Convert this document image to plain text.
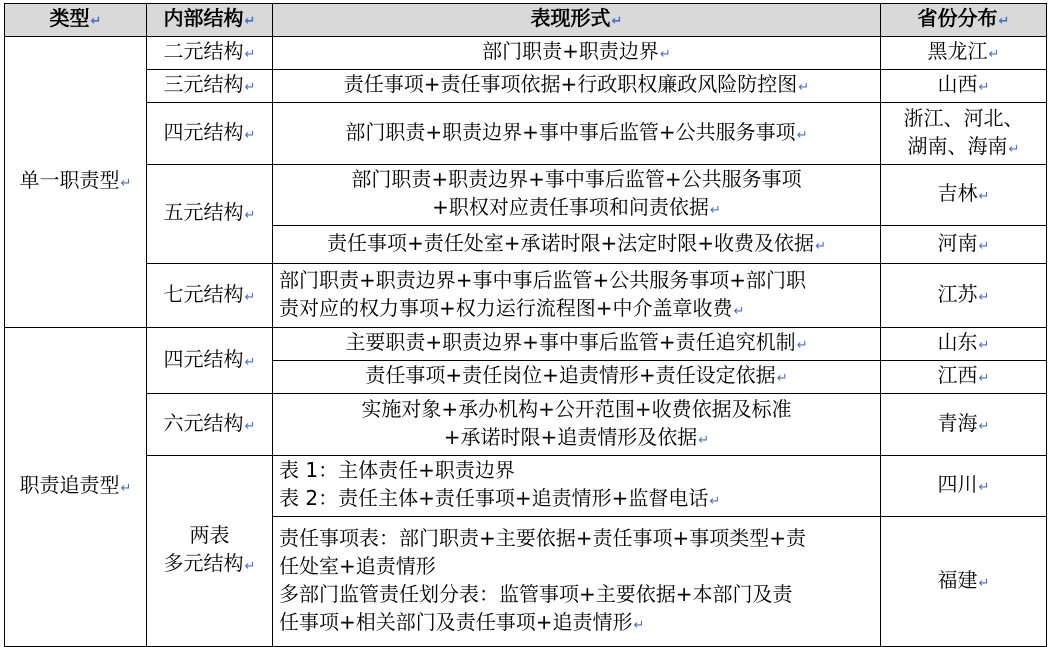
类型↵	内部结构↵	表现形式↵	省份分布↵

单一职责型↵	二元结构↵	部门职责+职责边界↵	黑龙江↵

	三元结构↵	责任事项+责任事项依据+行政职权廉政风险防控图↵	山西↵

	四元结构↵	部门职责+职责边界+事中事后监管+公共服务事项↵	浙江、河北、
湖南、海南↵

	五元结构↵	部门职责+职责边界+事中事后监管+公共服务事项
+职权对应责任事项和问责依据↵	吉林↵

		责任事项+责任处室+承诺时限+法定时限+收费及依据↵	河南↵

	七元结构↵	部门职责+职责边界+事中事后监管+公共服务事项+部门职
责对应的权力事项+权力运行流程图+中介盖章收费↵	江苏↵

职责追责型↵	四元结构↵	主要职责+职责边界+事中事后监管+责任追究机制↵	山东↵

		责任事项+责任岗位+追责情形+责任设定依据↵	江西↵

	六元结构↵	实施对象+承办机构+公开范围+收费依据及标准
+承诺时限+追责情形及依据↵	青海↵

	两表
多元结构↵	表 1：主体责任+职责边界
表 2：责任主体+责任事项+追责情形+监督电话↵	四川↵

		责任事项表：部门职责+主要依据+责任事项+事项类型+责
任处室+追责情形
多部门监管责任划分表：监管事项+主要依据+本部门及责
任事项+相关部门及责任事项+追责情形↵	福建↵
